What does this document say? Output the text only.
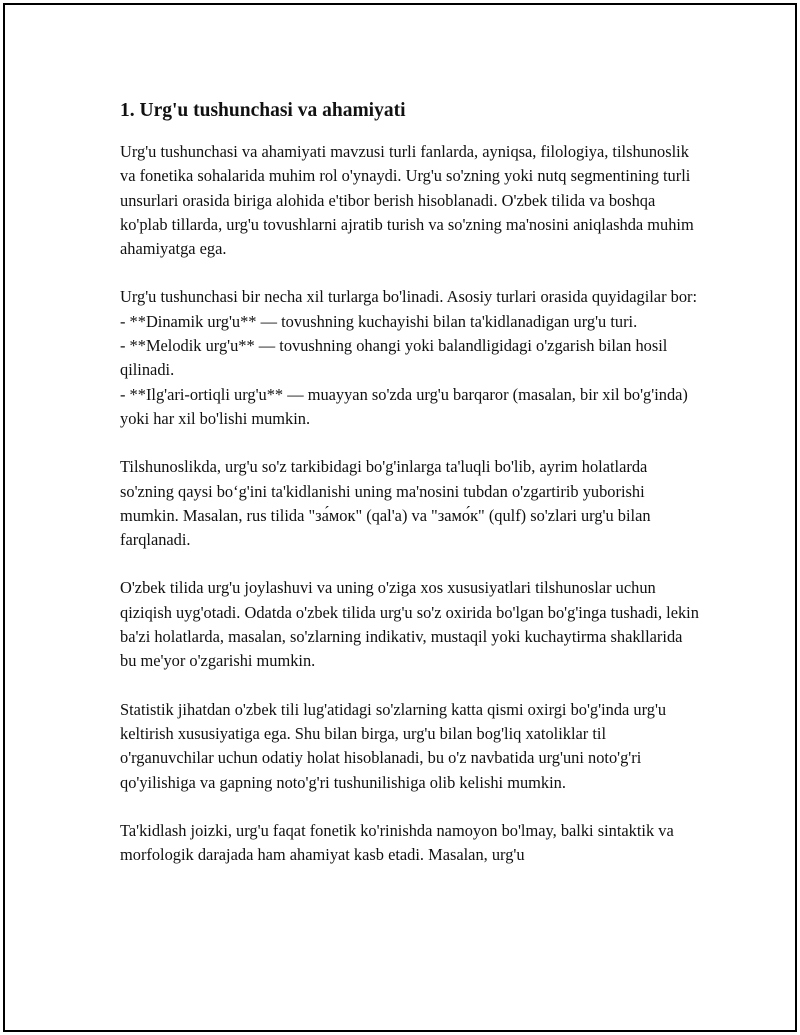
1. Urg'u tushunchasi va ahamiyati

Urg'u tushunchasi va ahamiyati mavzusi turli fanlarda, ayniqsa, filologiya, tilshunoslik va fonetika sohalarida muhim rol o'ynaydi. Urg'u so'zning yoki nutq segmentining turli unsurlari orasida biriga alohida e'tibor berish hisoblanadi. O'zbek tilida va boshqa ko'plab tillarda, urg'u tovushlarni ajratib turish va so'zning ma'nosini aniqlashda muhim ahamiyatga ega.

Urg'u tushunchasi bir necha xil turlarga bo'linadi. Asosiy turlari orasida quyidagilar bor:
- **Dinamik urg'u** — tovushning kuchayishi bilan ta'kidlanadigan urg'u turi.
- **Melodik urg'u** — tovushning ohangi yoki balandligidagi o'zgarish bilan hosil qilinadi.
- **Ilg'ari-ortiqli urg'u** — muayyan so'zda urg'u barqaror (masalan, bir xil bo'g'inda) yoki har xil bo'lishi mumkin.

Tilshunoslikda, urg'u so'z tarkibidagi bo'g'inlarga ta'luqli bo'lib, ayrim holatlarda so'zning qaysi bo‘g'ini ta'kidlanishi uning ma'nosini tubdan o'zgartirib yuborishi mumkin. Masalan, rus tilida "за́мок" (qal'a) va "замо́к" (qulf) so'zlari urg'u bilan farqlanadi.

O'zbek tilida urg'u joylashuvi va uning o'ziga xos xususiyatlari tilshunoslar uchun qiziqish uyg'otadi. Odatda o'zbek tilida urg'u so'z oxirida bo'lgan bo'g'inga tushadi, lekin ba'zi holatlarda, masalan, so'zlarning indikativ, mustaqil yoki kuchaytirma shakllarida bu me'yor o'zgarishi mumkin.

Statistik jihatdan o'zbek tili lug'atidagi so'zlarning katta qismi oxirgi bo'g'inda urg'u keltirish xususiyatiga ega. Shu bilan birga, urg'u bilan bog'liq xatoliklar til o'rganuvchilar uchun odatiy holat hisoblanadi, bu o'z navbatida urg'uni noto'g'ri qo'yilishiga va gapning noto'g'ri tushunilishiga olib kelishi mumkin.

Ta'kidlash joizki, urg'u faqat fonetik ko'rinishda namoyon bo'lmay, balki sintaktik va morfologik darajada ham ahamiyat kasb etadi. Masalan, urg'u
